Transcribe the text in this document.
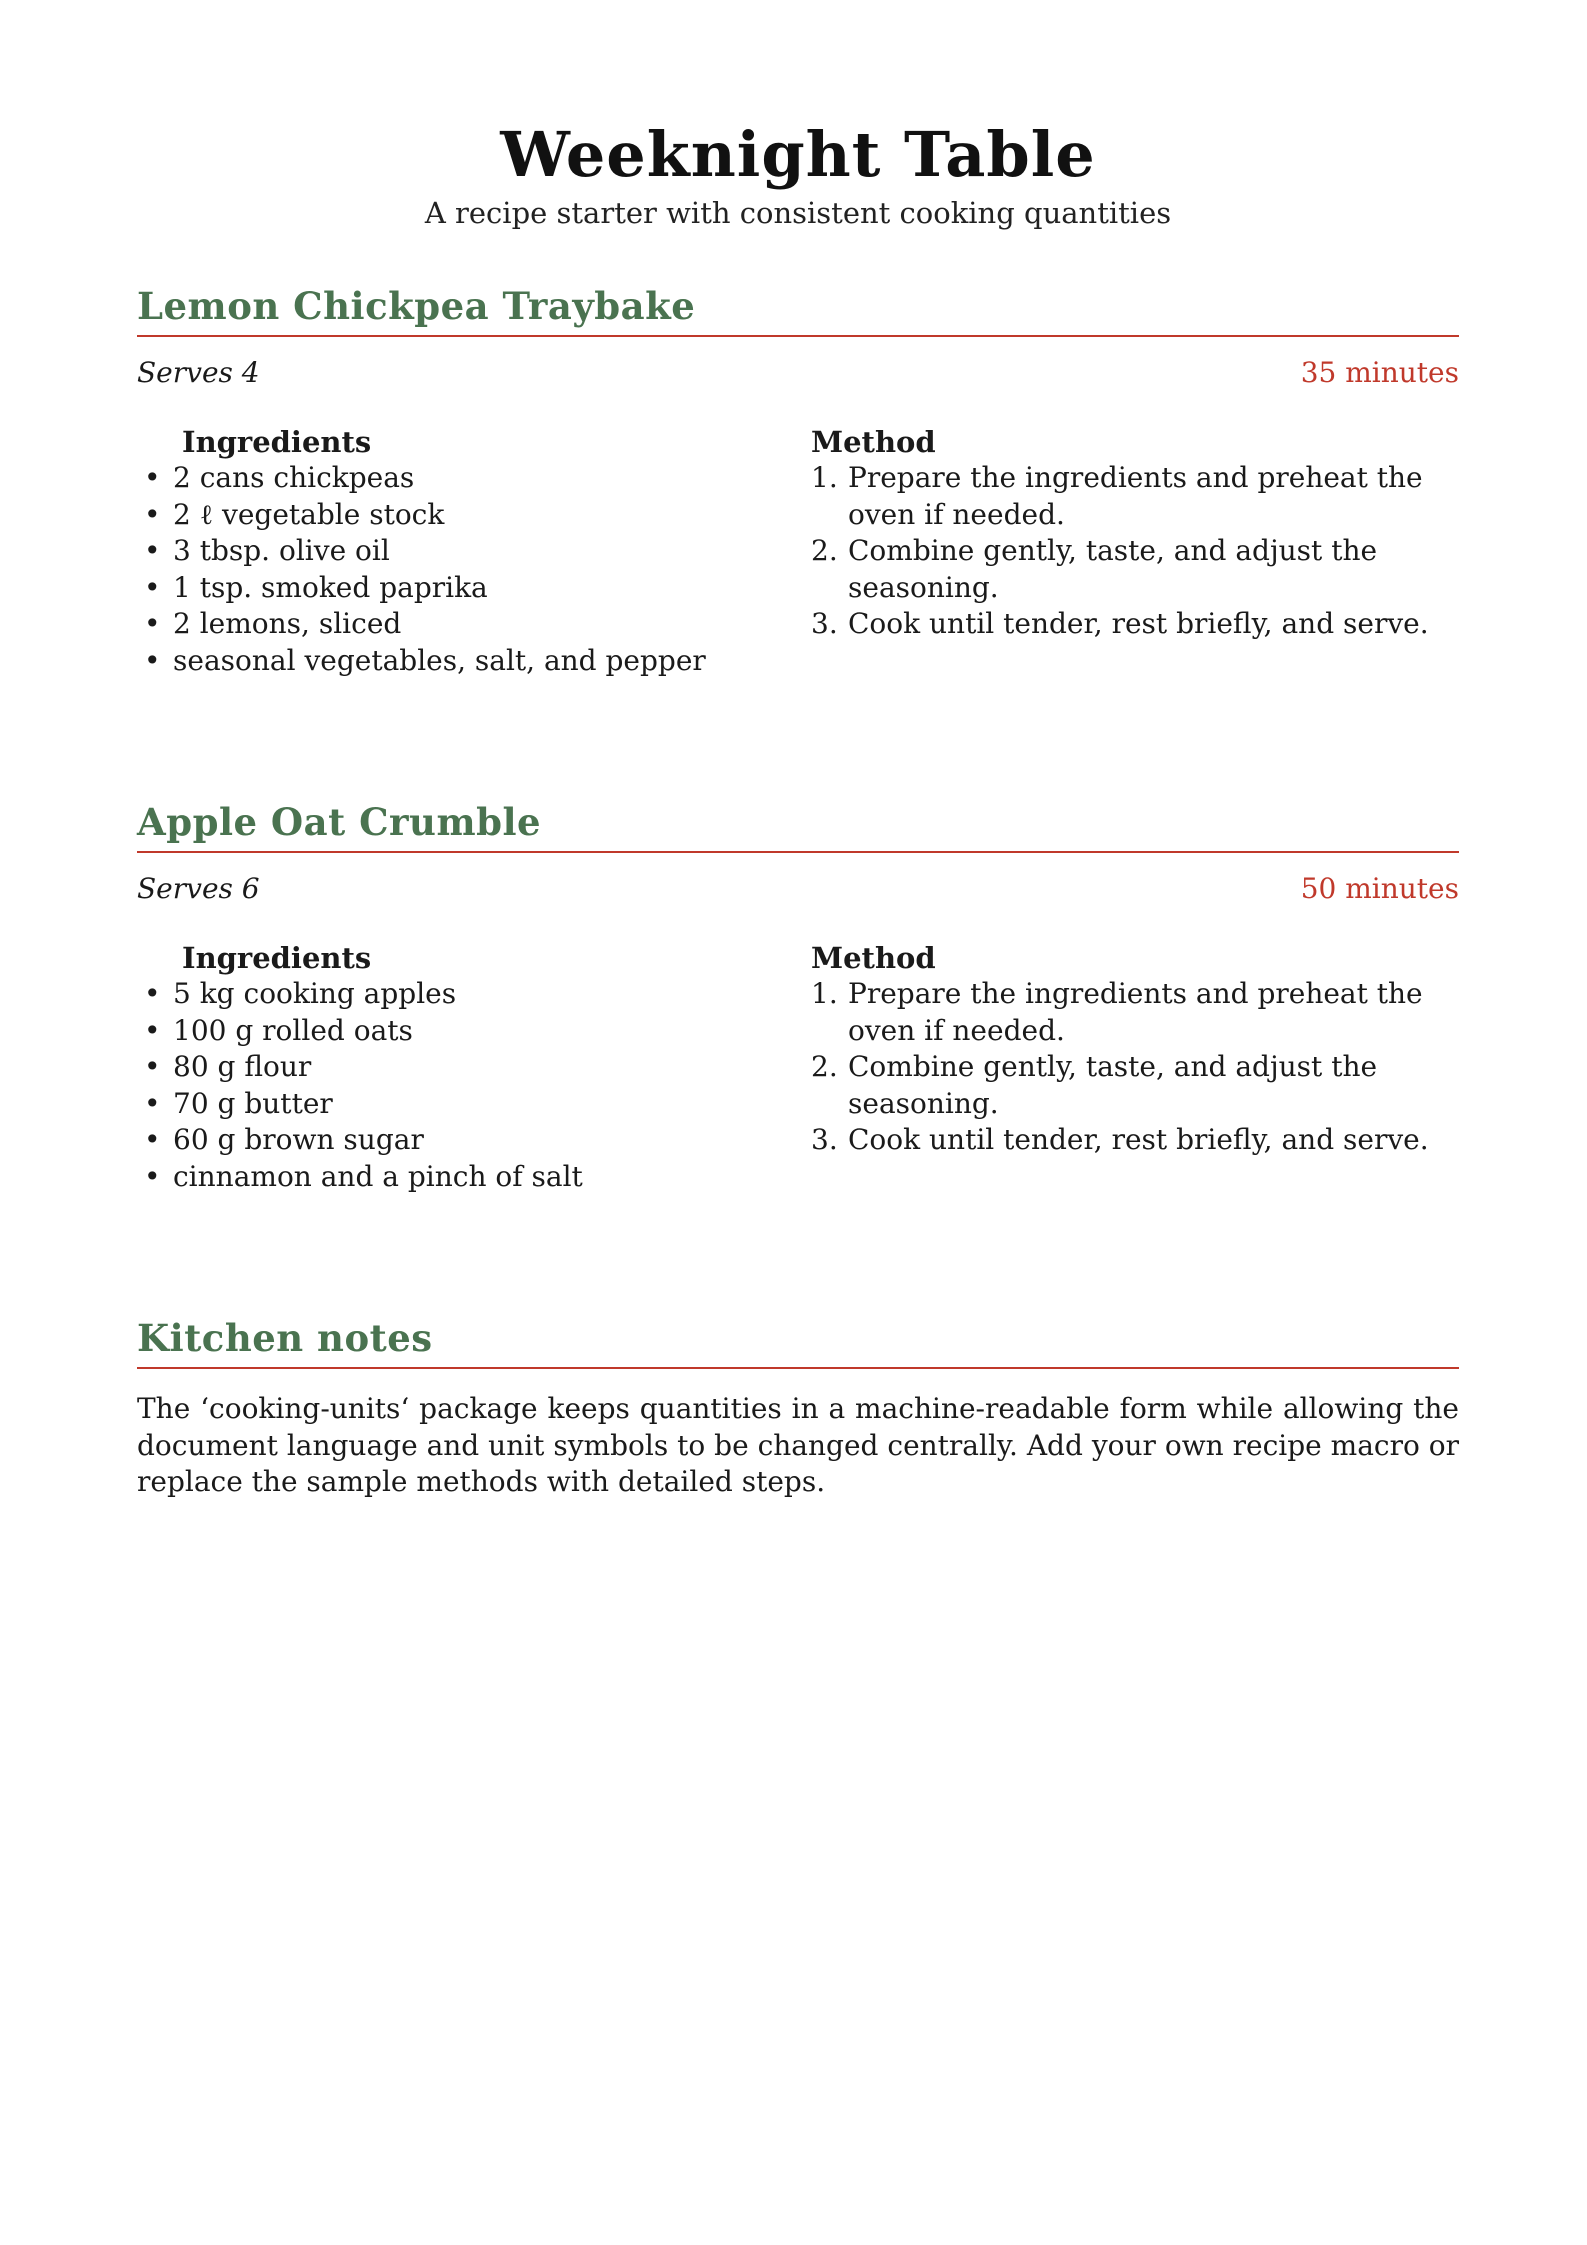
Weeknight Table
A recipe starter with consistent cooking quantities
Lemon Chickpea Traybake
Serves 4	35 minutes
Ingredients
• 2 cans chickpeas
• 2 ℓ vegetable stock
• 3 tbsp. olive oil
• 1 tsp. smoked paprika
• 2 lemons, sliced
• seasonal vegetables, salt, and pepper
Method
1. Prepare the ingredients and preheat the oven if needed.
2. Combine gently, taste, and adjust the seasoning.
3. Cook until tender, rest briefly, and serve.
Apple Oat Crumble
Serves 6	50 minutes
Ingredients
• 5 kg cooking apples
• 100 g rolled oats
• 80 g flour
• 70 g butter
• 60 g brown sugar
• cinnamon and a pinch of salt
Method
1. Prepare the ingredients and preheat the oven if needed.
2. Combine gently, taste, and adjust the seasoning.
3. Cook until tender, rest briefly, and serve.
Kitchen notes
The ‘cooking-units‘ package keeps quantities in a machine-readable form while allowing the document language and unit symbols to be changed centrally. Add your own recipe macro or replace the sample methods with detailed steps.
